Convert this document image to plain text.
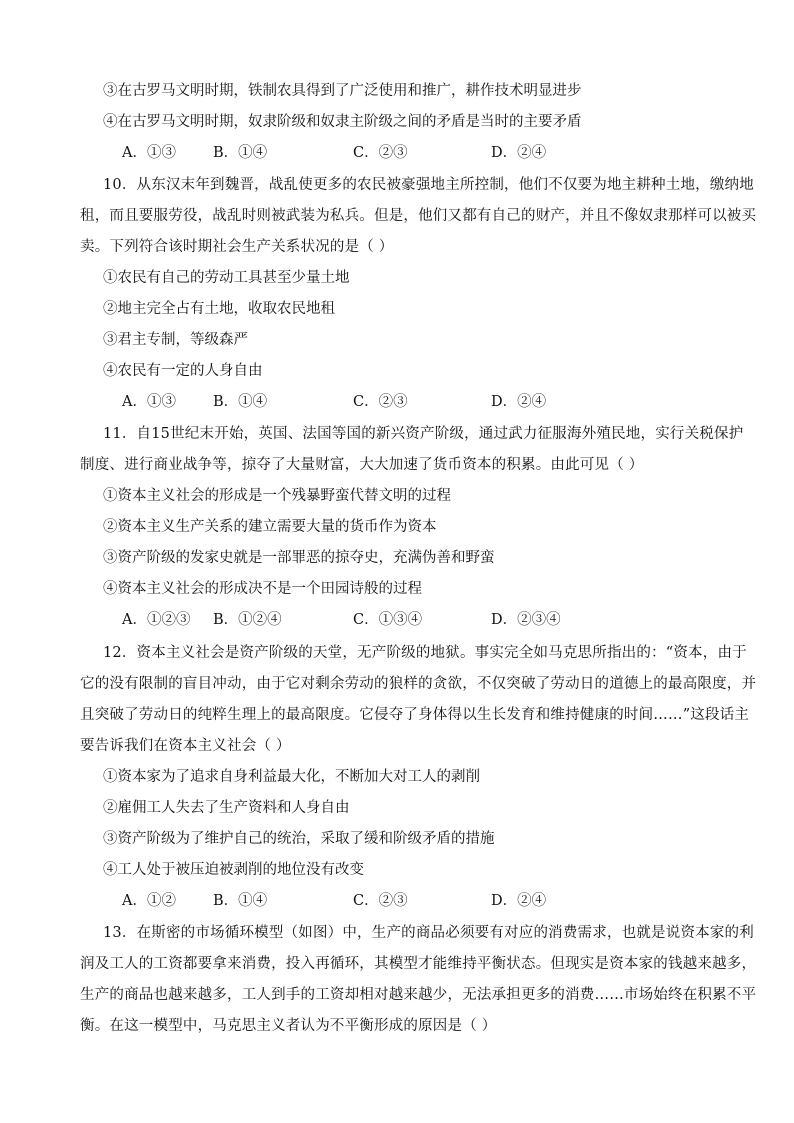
③在古罗马文明时期，铁制农具得到了广泛使用和推广，耕作技术明显进步
④在古罗马文明时期，奴隶阶级和奴隶主阶级之间的矛盾是当时的主要矛盾
A．①③	B．①④	C．②③	D．②④
10．从东汉末年到魏晋，战乱使更多的农民被豪强地主所控制，他们不仅要为地主耕种土地，缴纳地
租，而且要服劳役，战乱时则被武装为私兵。但是，他们又都有自己的财产，并且不像奴隶那样可以被买
卖。下列符合该时期社会生产关系状况的是（ ）
①农民有自己的劳动工具甚至少量土地
②地主完全占有土地，收取农民地租
③君主专制，等级森严
④农民有一定的人身自由
A．①③	B．①④	C．②③	D．②④
11．自15世纪末开始，英国、法国等国的新兴资产阶级，通过武力征服海外殖民地，实行关税保护
制度、进行商业战争等，掠夺了大量财富，大大加速了货币资本的积累。由此可见（ ）
①资本主义社会的形成是一个残暴野蛮代替文明的过程
②资本主义生产关系的建立需要大量的货币作为资本
③资产阶级的发家史就是一部罪恶的掠夺史，充满伪善和野蛮
④资本主义社会的形成决不是一个田园诗般的过程
A．①②③ B．①②④	C．①③④	D．②③④
12．资本主义社会是资产阶级的天堂，无产阶级的地狱。事实完全如马克思所指出的：“资本，由于
它的没有限制的盲目冲动，由于它对剩余劳动的狼样的贪欲，不仅突破了劳动日的道德上的最高限度，并
且突破了劳动日的纯粹生理上的最高限度。它侵夺了身体得以生长发育和维持健康的时间……”这段话主
要告诉我们在资本主义社会（ ）
①资本家为了追求自身利益最大化，不断加大对工人的剥削
②雇佣工人失去了生产资料和人身自由
③资产阶级为了维护自己的统治，采取了缓和阶级矛盾的措施
④工人处于被压迫被剥削的地位没有改变
A．①②	B．①④	C．②③	D．②④
13．在斯密的市场循环模型（如图）中，生产的商品必须要有对应的消费需求，也就是说资本家的利
润及工人的工资都要拿来消费，投入再循环，其模型才能维持平衡状态。但现实是资本家的钱越来越多，
生产的商品也越来越多，工人到手的工资却相对越来越少，无法承担更多的消费……市场始终在积累不平
衡。在这一模型中，马克思主义者认为不平衡形成的原因是（ ）
